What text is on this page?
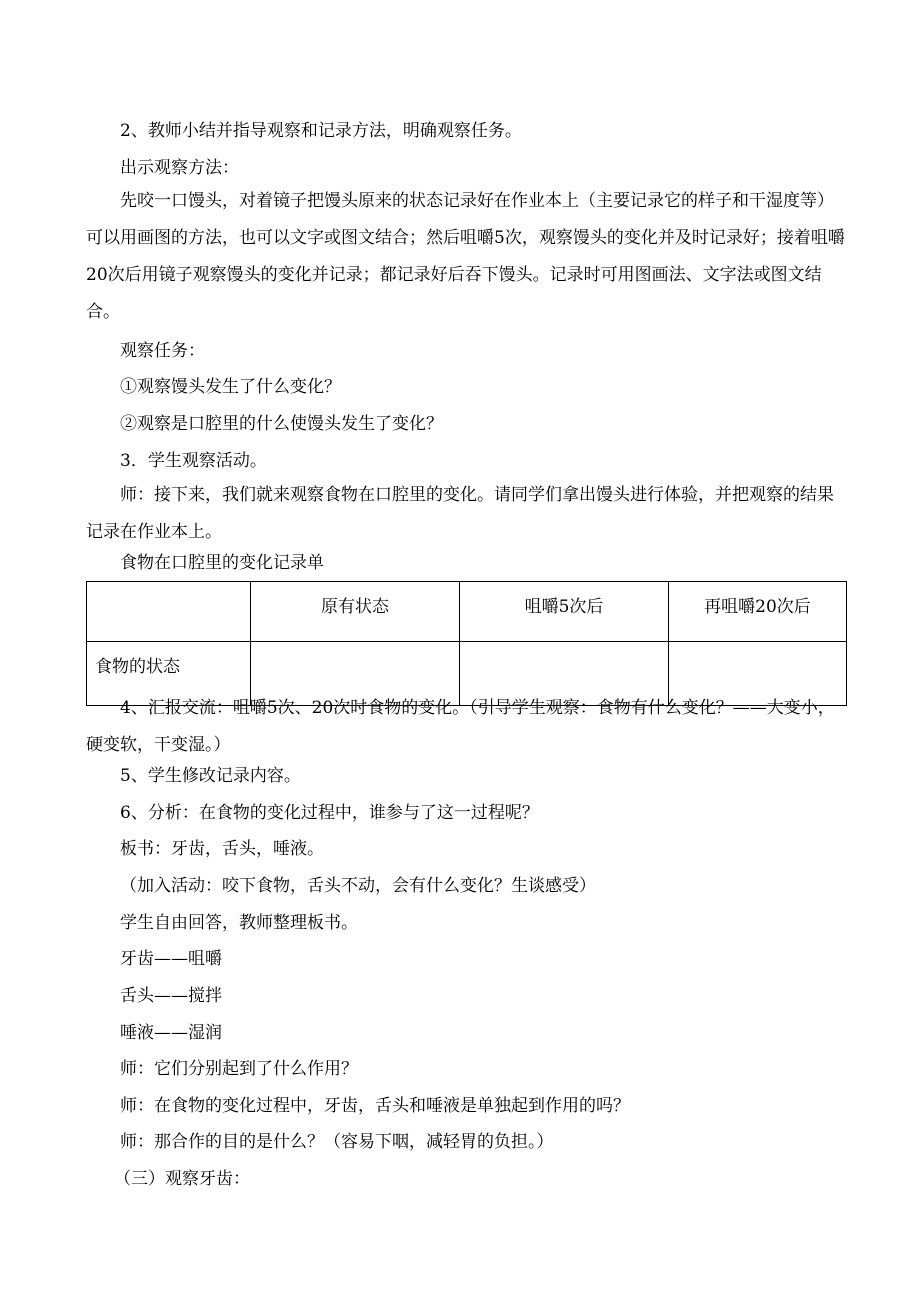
2、教师小结并指导观察和记录方法，明确观察任务。

出示观察方法：

先咬一口馒头，对着镜子把馒头原来的状态记录好在作业本上（主要记录它的样子和干湿度等）可以用画图的方法，也可以文字或图文结合；然后咀嚼5次，观察馒头的变化并及时记录好；接着咀嚼20次后用镜子观察馒头的变化并记录；都记录好后吞下馒头。记录时可用图画法、文字法或图文结合。

观察任务：

①观察馒头发生了什么变化？

②观察是口腔里的什么使馒头发生了变化？

3．学生观察活动。

师：接下来，我们就来观察食物在口腔里的变化。请同学们拿出馒头进行体验，并把观察的结果记录在作业本上。

食物在口腔里的变化记录单

	原有状态	咀嚼5次后	再咀嚼20次后
食物的状态			

4、汇报交流：咀嚼5次、20次时食物的变化。（引导学生观察：食物有什么变化？——大变小，硬变软，干变湿。）

5、学生修改记录内容。

6、分析：在食物的变化过程中，谁参与了这一过程呢？

板书：牙齿，舌头，唾液。

（加入活动：咬下食物，舌头不动，会有什么变化？生谈感受）

学生自由回答，教师整理板书。

牙齿——咀嚼

舌头——搅拌

唾液——湿润

师：它们分别起到了什么作用？

师：在食物的变化过程中，牙齿，舌头和唾液是单独起到作用的吗？

师：那合作的目的是什么？（容易下咽，减轻胃的负担。）

（三）观察牙齿：
